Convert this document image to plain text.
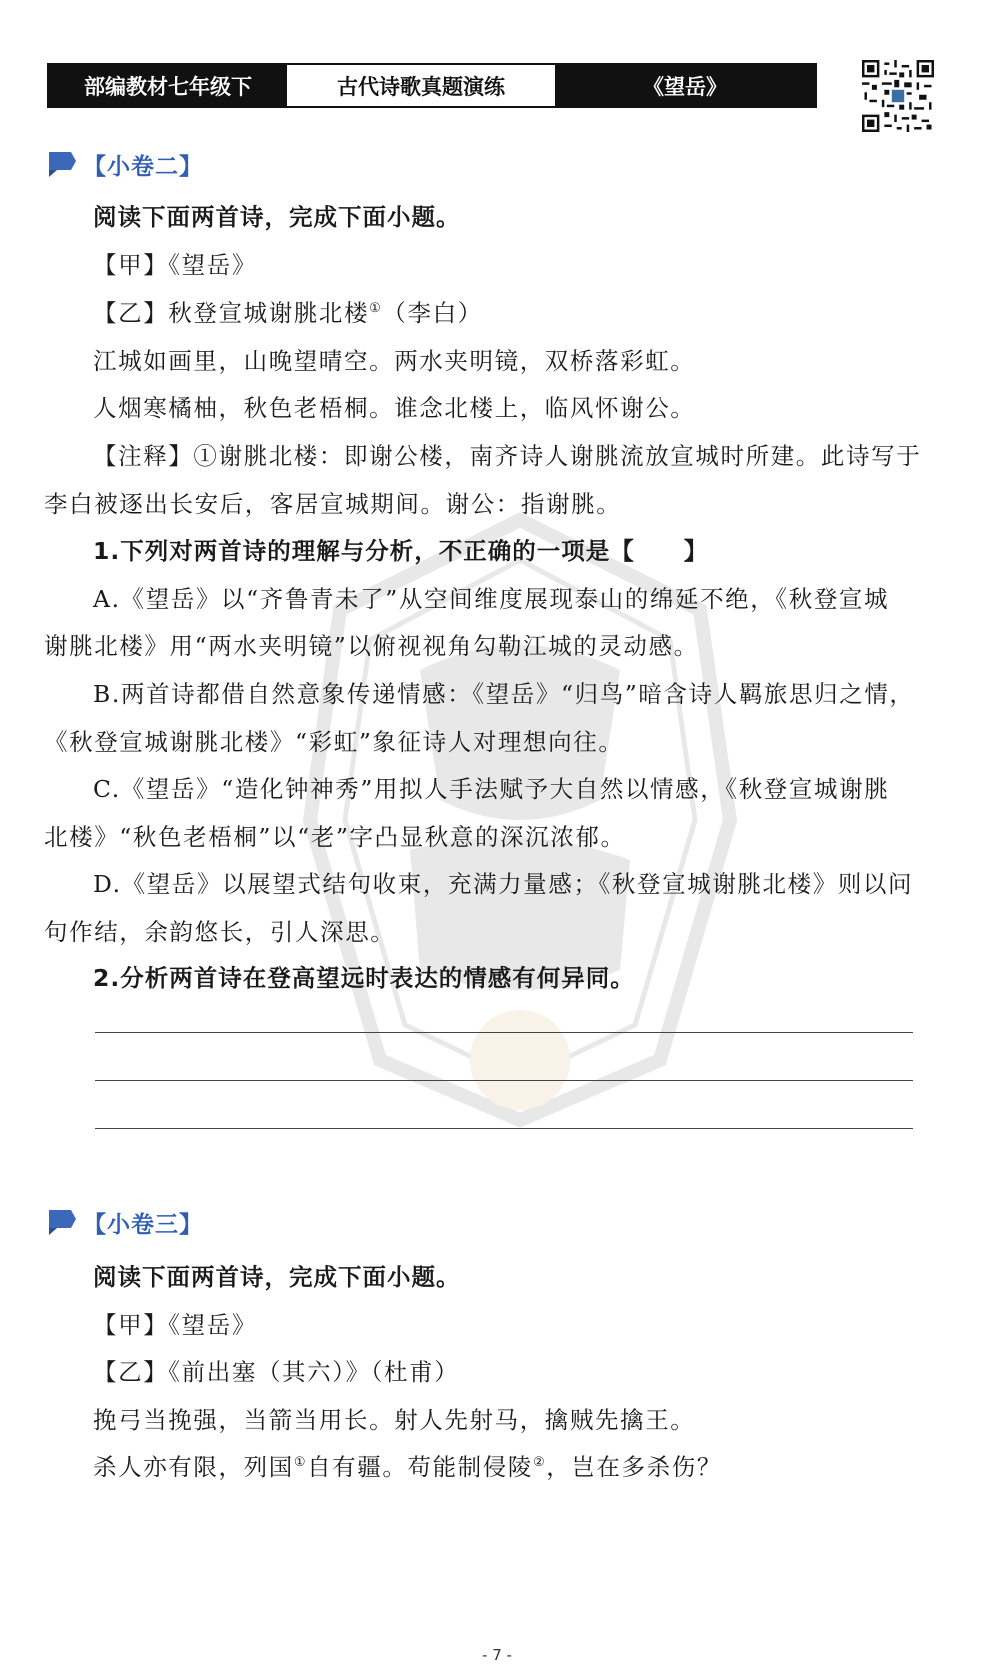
部编教材七年级下	古代诗歌真题演练	《望岳》
【小卷二】
阅读下面两首诗，完成下面小题。
【甲】《望岳》
【乙】秋登宣城谢朓北楼①（李白）
江城如画里，山晚望晴空。两水夹明镜，双桥落彩虹。
人烟寒橘柚，秋色老梧桐。谁念北楼上，临风怀谢公。
【注释】①谢朓北楼：即谢公楼，南齐诗人谢朓流放宣城时所建。此诗写于
李白被逐出长安后，客居宣城期间。谢公：指谢朓。
1.下列对两首诗的理解与分析，不正确的一项是【　　】
A.《望岳》以“齐鲁青未了”从空间维度展现泰山的绵延不绝，《秋登宣城
谢朓北楼》用“两水夹明镜”以俯视视角勾勒江城的灵动感。
B.两首诗都借自然意象传递情感：《望岳》“归鸟”暗含诗人羁旅思归之情，
《秋登宣城谢朓北楼》“彩虹”象征诗人对理想向往。
C.《望岳》“造化钟神秀”用拟人手法赋予大自然以情感，《秋登宣城谢朓
北楼》“秋色老梧桐”以“老”字凸显秋意的深沉浓郁。
D.《望岳》以展望式结句收束，充满力量感；《秋登宣城谢朓北楼》则以问
句作结，余韵悠长，引人深思。
2.分析两首诗在登高望远时表达的情感有何异同。
【小卷三】
阅读下面两首诗，完成下面小题。
【甲】《望岳》
【乙】《前出塞（其六）》（杜甫）
挽弓当挽强，当箭当用长。射人先射马，擒贼先擒王。
杀人亦有限，列国①自有疆。苟能制侵陵②，岂在多杀伤？
- 7 -
